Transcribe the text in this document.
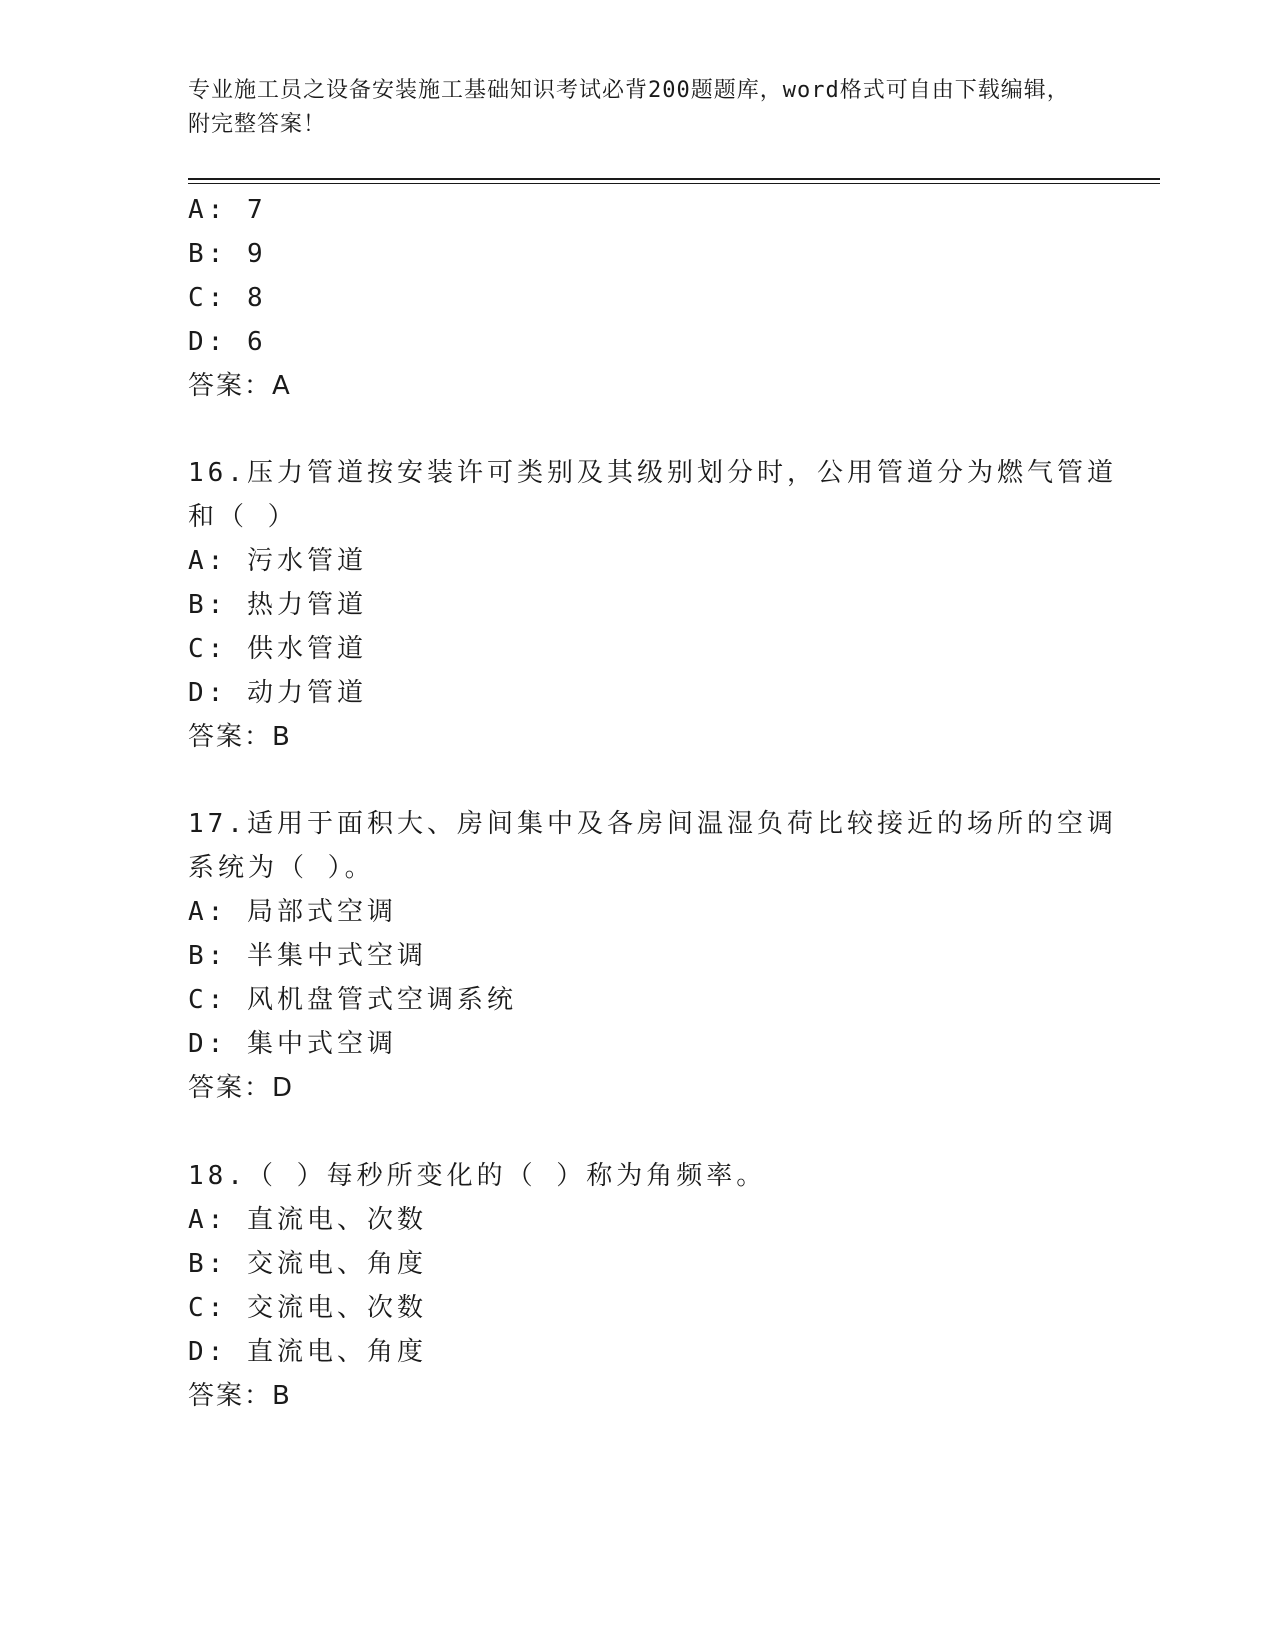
专业施工员之设备安装施工基础知识考试必背200题题库，word格式可自由下载编辑，附完整答案！

A: 7

B: 9

C: 8

D: 6

答案：A

16.压力管道按安装许可类别及其级别划分时，公用管道分为燃气管道

和（ ）

A: 污水管道

B: 热力管道

C: 供水管道

D: 动力管道

答案：B

17.适用于面积大、房间集中及各房间温湿负荷比较接近的场所的空调

系统为（ ）。

A: 局部式空调

B: 半集中式空调

C: 风机盘管式空调系统

D: 集中式空调

答案：D

18.（ ）每秒所变化的（ ）称为角频率。

A: 直流电、次数

B: 交流电、角度

C: 交流电、次数

D: 直流电、角度

答案：B
